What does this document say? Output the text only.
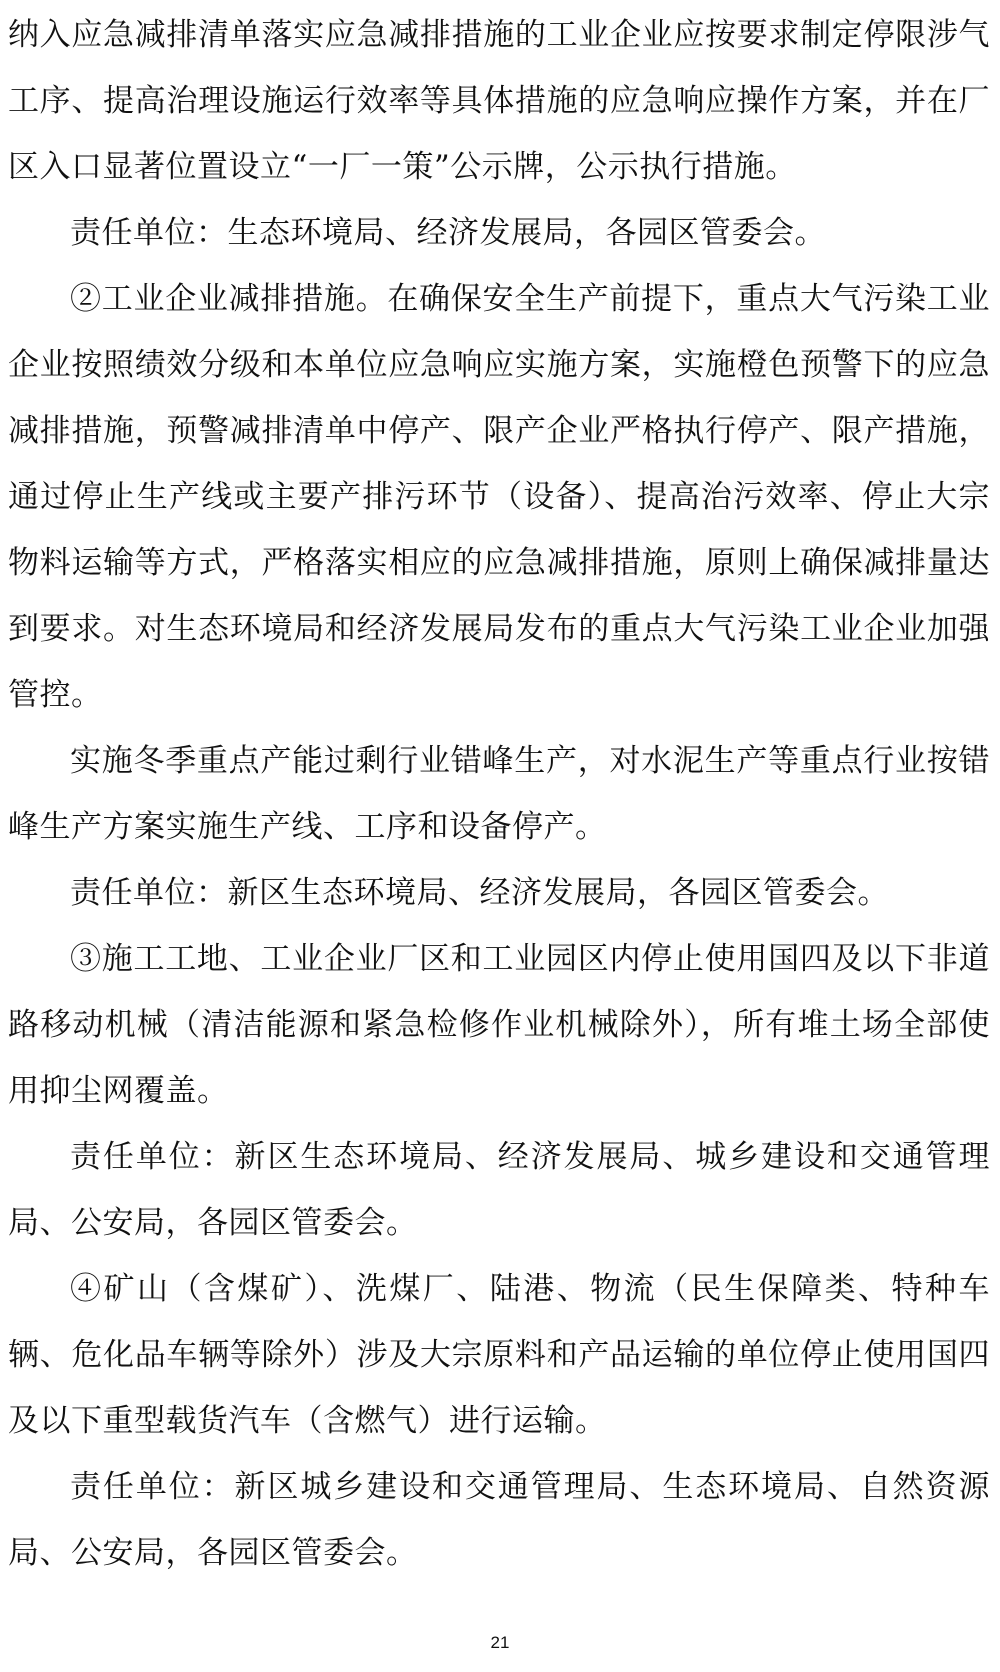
纳入应急减排清单落实应急减排措施的工业企业应按要求制定停限涉气工序、提高治理设施运行效率等具体措施的应急响应操作方案，并在厂区入口显著位置设立“一厂一策”公示牌，公示执行措施。

责任单位：生态环境局、经济发展局，各园区管委会。

②工业企业减排措施。在确保安全生产前提下，重点大气污染工业企业按照绩效分级和本单位应急响应实施方案，实施橙色预警下的应急减排措施，预警减排清单中停产、限产企业严格执行停产、限产措施，通过停止生产线或主要产排污环节（设备）、提高治污效率、停止大宗物料运输等方式，严格落实相应的应急减排措施，原则上确保减排量达到要求。对生态环境局和经济发展局发布的重点大气污染工业企业加强管控。

实施冬季重点产能过剩行业错峰生产，对水泥生产等重点行业按错峰生产方案实施生产线、工序和设备停产。

责任单位：新区生态环境局、经济发展局，各园区管委会。

③施工工地、工业企业厂区和工业园区内停止使用国四及以下非道路移动机械（清洁能源和紧急检修作业机械除外），所有堆土场全部使用抑尘网覆盖。

责任单位：新区生态环境局、经济发展局、城乡建设和交通管理局、公安局，各园区管委会。

④矿山（含煤矿）、洗煤厂、陆港、物流（民生保障类、特种车辆、危化品车辆等除外）涉及大宗原料和产品运输的单位停止使用国四及以下重型载货汽车（含燃气）进行运输。

责任单位：新区城乡建设和交通管理局、生态环境局、自然资源局、公安局，各园区管委会。

21
